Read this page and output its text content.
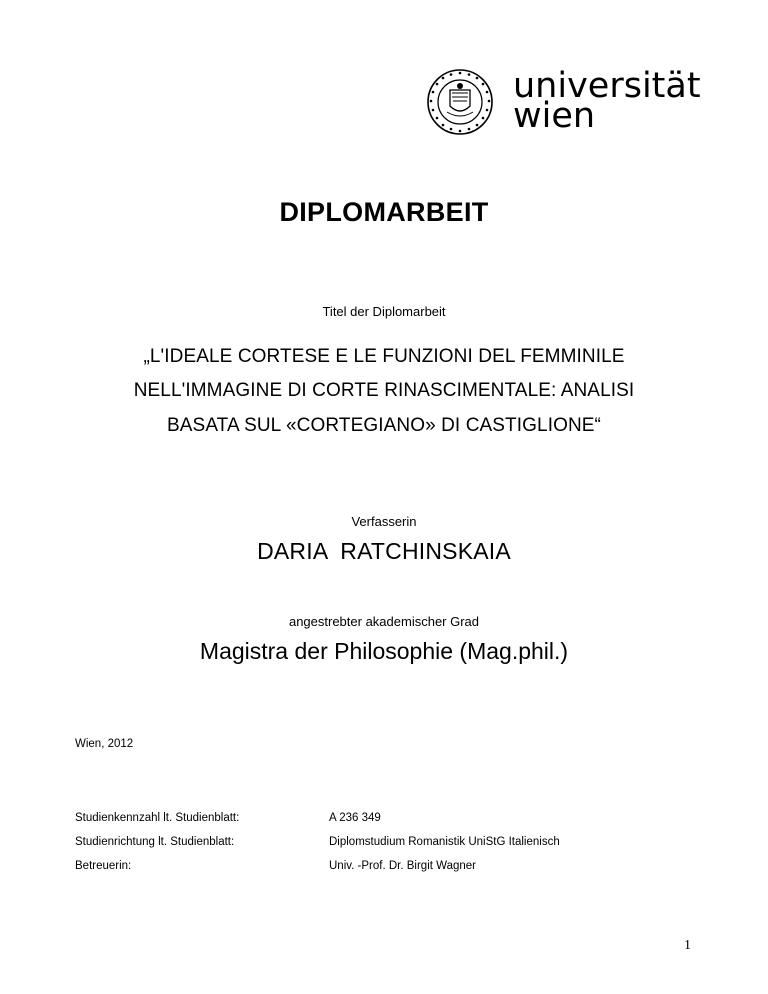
universität
wien
DIPLOMARBEIT
Titel der Diplomarbeit
„L'IDEALE CORTESE E LE FUNZIONI DEL FEMMINILE
NELL'IMMAGINE DI CORTE RINASCIMENTALE: ANALISI
BASATA SUL «CORTEGIANO» DI CASTIGLIONE“
Verfasserin
DARIA  RATCHINSKAIA
angestrebter akademischer Grad
Magistra der Philosophie (Mag.phil.)
Wien, 2012
Studienkennzahl lt. Studienblatt:	A 236 349
Studienrichtung lt. Studienblatt:	Diplomstudium Romanistik UniStG Italienisch
Betreuerin:	Univ. -Prof. Dr. Birgit Wagner
1
